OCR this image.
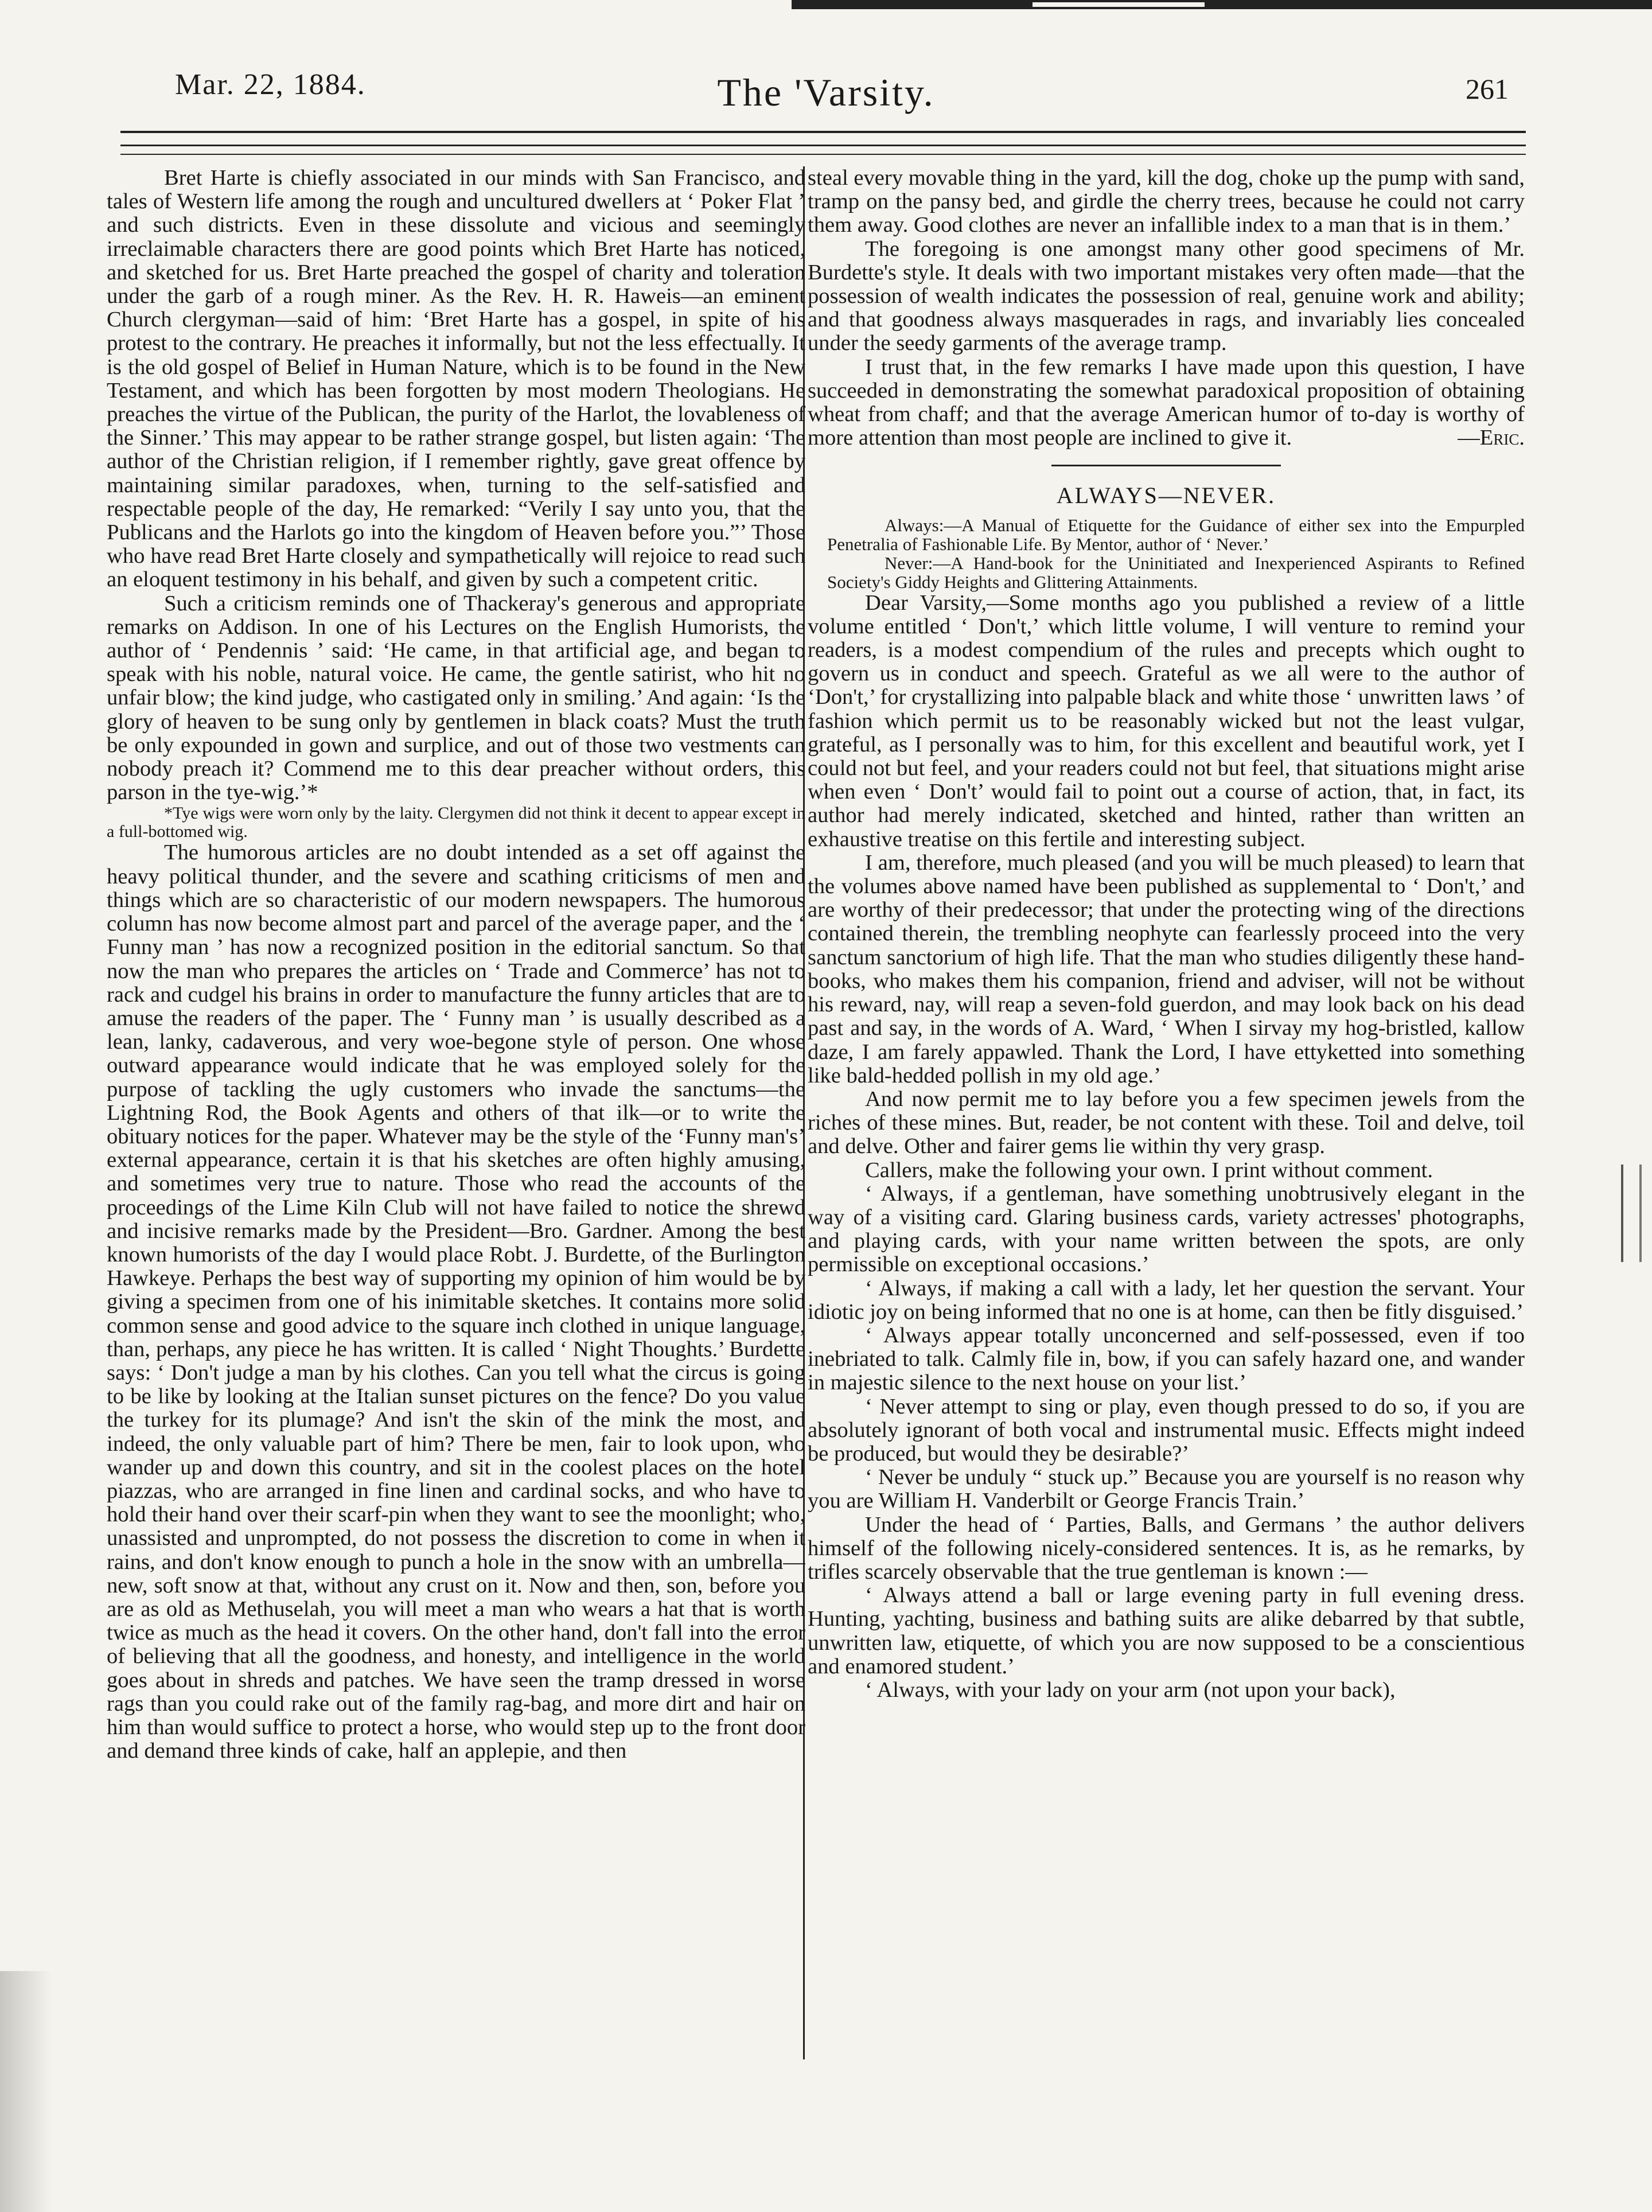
Mar. 22, 1884.	The 'Varsity.	261

Bret Harte is chiefly associated in our minds with San Francisco, and tales of Western life among the rough and uncultured dwellers at ‘ Poker Flat ’ and such districts. Even in these dissolute and vicious and seemingly irreclaimable characters there are good points which Bret Harte has noticed, and sketched for us. Bret Harte preached the gospel of charity and toleration under the garb of a rough miner. As the Rev. H. R. Haweis—an eminent Church clergyman—said of him: ‘Bret Harte has a gospel, in spite of his protest to the contrary. He preaches it informally, but not the less effectually. It is the old gospel of Belief in Human Nature, which is to be found in the New Testament, and which has been forgotten by most modern Theologians. He preaches the virtue of the Publican, the purity of the Harlot, the lovableness of the Sinner.’ This may appear to be rather strange gospel, but listen again: ‘The author of the Christian religion, if I remember rightly, gave great offence by maintaining similar paradoxes, when, turning to the self-satisfied and respectable people of the day, He remarked: “Verily I say unto you, that the Publicans and the Harlots go into the kingdom of Heaven before you.”’ Those who have read Bret Harte closely and sympathetically will rejoice to read such an eloquent testimony in his behalf, and given by such a competent critic.

Such a criticism reminds one of Thackeray's generous and appropriate remarks on Addison. In one of his Lectures on the English Humorists, the author of ‘ Pendennis ’ said: ‘He came, in that artificial age, and began to speak with his noble, natural voice. He came, the gentle satirist, who hit no unfair blow; the kind judge, who castigated only in smiling.’ And again: ‘Is the glory of heaven to be sung only by gentlemen in black coats? Must the truth be only expounded in gown and surplice, and out of those two vestments can nobody preach it? Commend me to this dear preacher without orders, this parson in the tye-wig.’*

*Tye wigs were worn only by the laity. Clergymen did not think it decent to appear except in a full-bottomed wig.

The humorous articles are no doubt intended as a set off against the heavy political thunder, and the severe and scathing criticisms of men and things which are so characteristic of our modern newspapers. The humorous column has now become almost part and parcel of the average paper, and the ‘ Funny man ’ has now a recognized position in the editorial sanctum. So that now the man who prepares the articles on ‘ Trade and Commerce’ has not to rack and cudgel his brains in order to manufacture the funny articles that are to amuse the readers of the paper. The ‘ Funny man ’ is usually described as a lean, lanky, cadaverous, and very woe-begone style of person. One whose outward appearance would indicate that he was employed solely for the purpose of tackling the ugly customers who invade the sanctums—the Lightning Rod, the Book Agents and others of that ilk—or to write the obituary notices for the paper. Whatever may be the style of the ‘Funny man's’ external appearance, certain it is that his sketches are often highly amusing, and sometimes very true to nature. Those who read the accounts of the proceedings of the Lime Kiln Club will not have failed to notice the shrewd and incisive remarks made by the President—Bro. Gardner. Among the best known humorists of the day I would place Robt. J. Burdette, of the Burlington Hawkeye. Perhaps the best way of supporting my opinion of him would be by giving a specimen from one of his inimitable sketches. It contains more solid common sense and good advice to the square inch clothed in unique language, than, perhaps, any piece he has written. It is called ‘ Night Thoughts.’ Burdette says: ‘ Don't judge a man by his clothes. Can you tell what the circus is going to be like by looking at the Italian sunset pictures on the fence? Do you value the turkey for its plumage? And isn't the skin of the mink the most, and indeed, the only valuable part of him? There be men, fair to look upon, who wander up and down this country, and sit in the coolest places on the hotel piazzas, who are arranged in fine linen and cardinal socks, and who have to hold their hand over their scarf-pin when they want to see the moonlight; who, unassisted and unprompted, do not possess the discretion to come in when it rains, and don't know enough to punch a hole in the snow with an umbrella—new, soft snow at that, without any crust on it. Now and then, son, before you are as old as Methuselah, you will meet a man who wears a hat that is worth twice as much as the head it covers. On the other hand, don't fall into the error of believing that all the goodness, and honesty, and intelligence in the world goes about in shreds and patches. We have seen the tramp dressed in worse rags than you could rake out of the family rag-bag, and more dirt and hair on him than would suffice to protect a horse, who would step up to the front door and demand three kinds of cake, half an applepie, and then

steal every movable thing in the yard, kill the dog, choke up the pump with sand, tramp on the pansy bed, and girdle the cherry trees, because he could not carry them away. Good clothes are never an infallible index to a man that is in them.’

The foregoing is one amongst many other good specimens of Mr. Burdette's style. It deals with two important mistakes very often made—that the possession of wealth indicates the possession of real, genuine work and ability; and that goodness always masquerades in rags, and invariably lies concealed under the seedy garments of the average tramp.

I trust that, in the few remarks I have made upon this question, I have succeeded in demonstrating the somewhat paradoxical proposition of obtaining wheat from chaff; and that the average American humor of to-day is worthy of more attention than most people are inclined to give it.	—Eric.

ALWAYS—NEVER.

Always:—A Manual of Etiquette for the Guidance of either sex into the Empurpled Penetralia of Fashionable Life. By Mentor, author of ‘ Never.’

Never:—A Hand-book for the Uninitiated and Inexperienced Aspirants to Refined Society's Giddy Heights and Glittering Attainments.

Dear Varsity,—Some months ago you published a review of a little volume entitled ‘ Don't,’ which little volume, I will venture to remind your readers, is a modest compendium of the rules and precepts which ought to govern us in conduct and speech. Grateful as we all were to the author of ‘Don't,’ for crystallizing into palpable black and white those ‘ unwritten laws ’ of fashion which permit us to be reasonably wicked but not the least vulgar, grateful, as I personally was to him, for this excellent and beautiful work, yet I could not but feel, and your readers could not but feel, that situations might arise when even ‘ Don't’ would fail to point out a course of action, that, in fact, its author had merely indicated, sketched and hinted, rather than written an exhaustive treatise on this fertile and interesting subject.

I am, therefore, much pleased (and you will be much pleased) to learn that the volumes above named have been published as supplemental to ‘ Don't,’ and are worthy of their predecessor; that under the protecting wing of the directions contained therein, the trembling neophyte can fearlessly proceed into the very sanctum sanctorium of high life. That the man who studies diligently these hand-books, who makes them his companion, friend and adviser, will not be without his reward, nay, will reap a seven-fold guerdon, and may look back on his dead past and say, in the words of A. Ward, ‘ When I sirvay my hog-bristled, kallow daze, I am farely appawled. Thank the Lord, I have ettyketted into something like bald-hedded pollish in my old age.’

And now permit me to lay before you a few specimen jewels from the riches of these mines. But, reader, be not content with these. Toil and delve, toil and delve. Other and fairer gems lie within thy very grasp.

Callers, make the following your own. I print without comment.

‘ Always, if a gentleman, have something unobtrusively elegant in the way of a visiting card. Glaring business cards, variety actresses' photographs, and playing cards, with your name written between the spots, are only permissible on exceptional occasions.’

‘ Always, if making a call with a lady, let her question the servant. Your idiotic joy on being informed that no one is at home, can then be fitly disguised.’

‘ Always appear totally unconcerned and self-possessed, even if too inebriated to talk. Calmly file in, bow, if you can safely hazard one, and wander in majestic silence to the next house on your list.’

‘ Never attempt to sing or play, even though pressed to do so, if you are absolutely ignorant of both vocal and instrumental music. Effects might indeed be produced, but would they be desirable?’

‘ Never be unduly “ stuck up.” Because you are yourself is no reason why you are William H. Vanderbilt or George Francis Train.’

Under the head of ‘ Parties, Balls, and Germans ’ the author delivers himself of the following nicely-considered sentences. It is, as he remarks, by trifles scarcely observable that the true gentleman is known :—

‘ Always attend a ball or large evening party in full evening dress. Hunting, yachting, business and bathing suits are alike debarred by that subtle, unwritten law, etiquette, of which you are now supposed to be a conscientious and enamored student.’

‘ Always, with your lady on your arm (not upon your back),
